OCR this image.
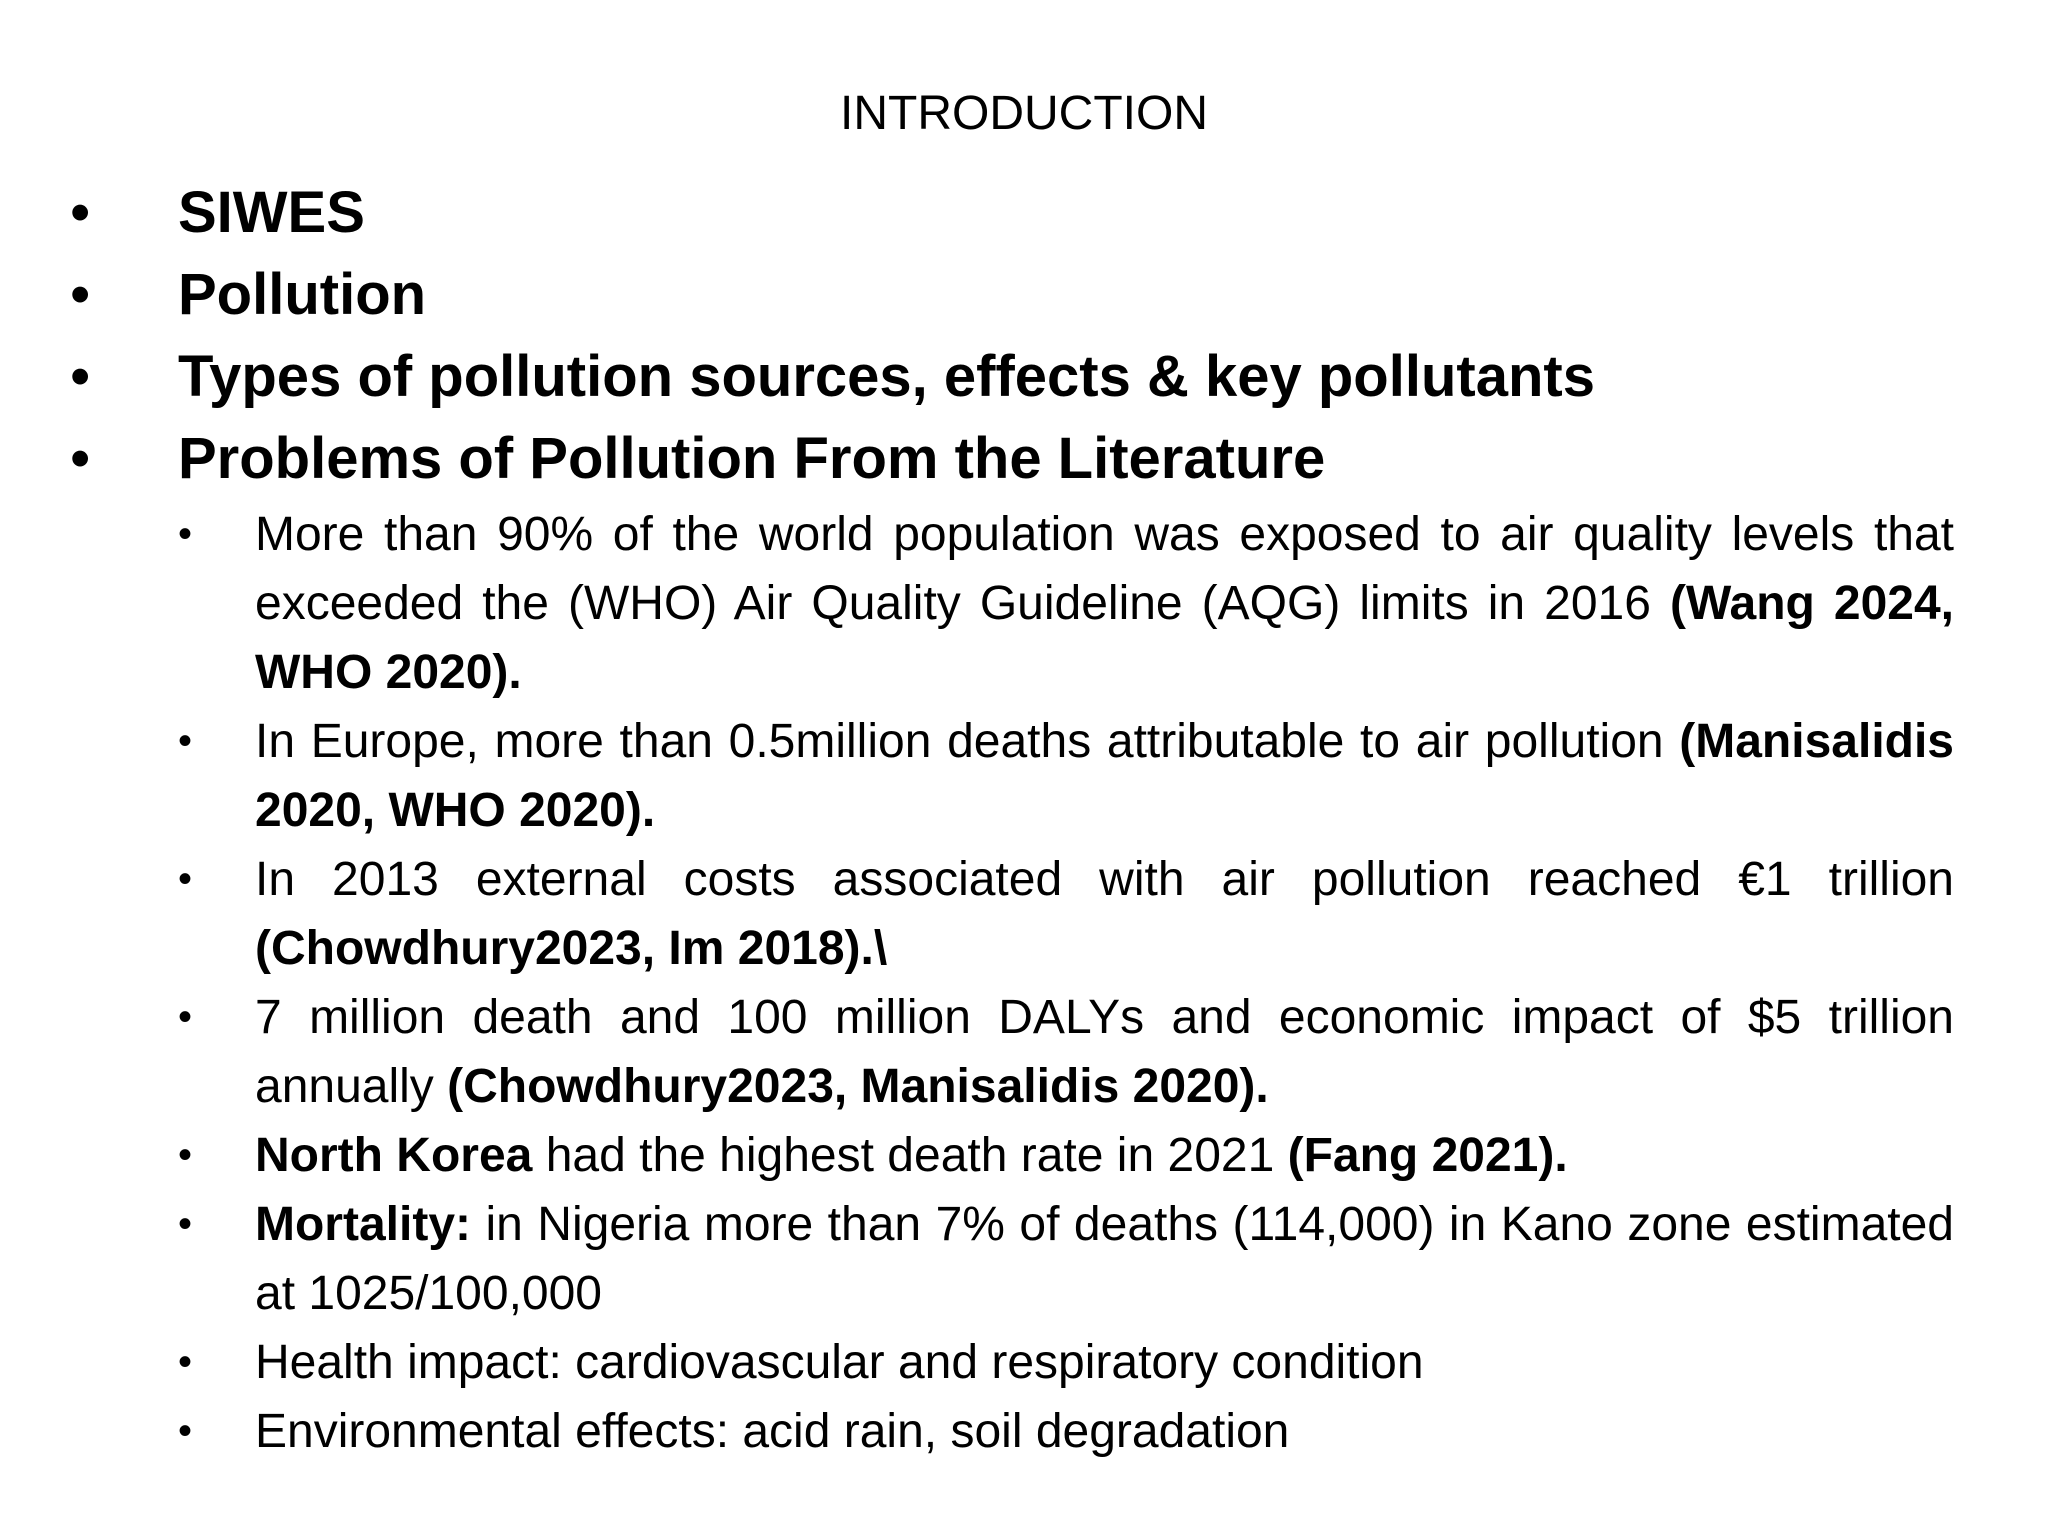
INTRODUCTION
• SIWES
• Pollution
• Types of pollution sources, effects & key pollutants
• Problems of Pollution From the Literature
• More than 90% of the world population was exposed to air quality levels that exceeded the (WHO) Air Quality Guideline (AQG) limits in 2016 (Wang 2024, WHO 2020).
• In Europe, more than 0.5million deaths attributable to air pollution (Manisalidis 2020, WHO 2020).
• In 2013 external costs associated with air pollution reached €1 trillion (Chowdhury2023, Im 2018).\
• 7 million death and 100 million DALYs and economic impact of $5 trillion annually (Chowdhury2023, Manisalidis 2020).
• North Korea had the highest death rate in 2021 (Fang 2021).
• Mortality: in Nigeria more than 7% of deaths (114,000) in Kano zone estimated at 1025/100,000
• Health impact: cardiovascular and respiratory condition
• Environmental effects: acid rain, soil degradation
